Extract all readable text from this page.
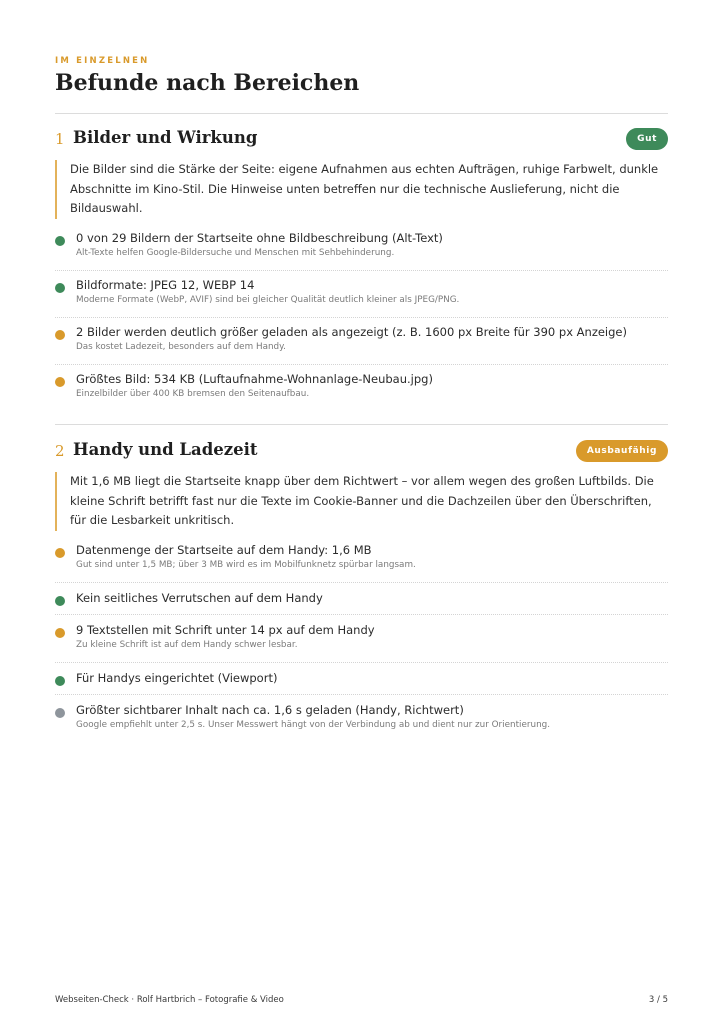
IM EINZELNEN
Befunde nach Bereichen
1 Bilder und Wirkung	Gut
Die Bilder sind die Stärke der Seite: eigene Aufnahmen aus echten Aufträgen, ruhige Farbwelt, dunkle Abschnitte im Kino-Stil. Die Hinweise unten betreffen nur die technische Auslieferung, nicht die Bildauswahl.
0 von 29 Bildern der Startseite ohne Bildbeschreibung (Alt-Text)
Alt-Texte helfen Google-Bildersuche und Menschen mit Sehbehinderung.
Bildformate: JPEG 12, WEBP 14
Moderne Formate (WebP, AVIF) sind bei gleicher Qualität deutlich kleiner als JPEG/PNG.
2 Bilder werden deutlich größer geladen als angezeigt (z. B. 1600 px Breite für 390 px Anzeige)
Das kostet Ladezeit, besonders auf dem Handy.
Größtes Bild: 534 KB (Luftaufnahme-Wohnanlage-Neubau.jpg)
Einzelbilder über 400 KB bremsen den Seitenaufbau.
2 Handy und Ladezeit	Ausbaufähig
Mit 1,6 MB liegt die Startseite knapp über dem Richtwert – vor allem wegen des großen Luftbilds. Die kleine Schrift betrifft fast nur die Texte im Cookie-Banner und die Dachzeilen über den Überschriften, für die Lesbarkeit unkritisch.
Datenmenge der Startseite auf dem Handy: 1,6 MB
Gut sind unter 1,5 MB; über 3 MB wird es im Mobilfunknetz spürbar langsam.
Kein seitliches Verrutschen auf dem Handy
9 Textstellen mit Schrift unter 14 px auf dem Handy
Zu kleine Schrift ist auf dem Handy schwer lesbar.
Für Handys eingerichtet (Viewport)
Größter sichtbarer Inhalt nach ca. 1,6 s geladen (Handy, Richtwert)
Google empfiehlt unter 2,5 s. Unser Messwert hängt von der Verbindung ab und dient nur zur Orientierung.
Webseiten-Check · Rolf Hartbrich – Fotografie & Video	3 / 5
